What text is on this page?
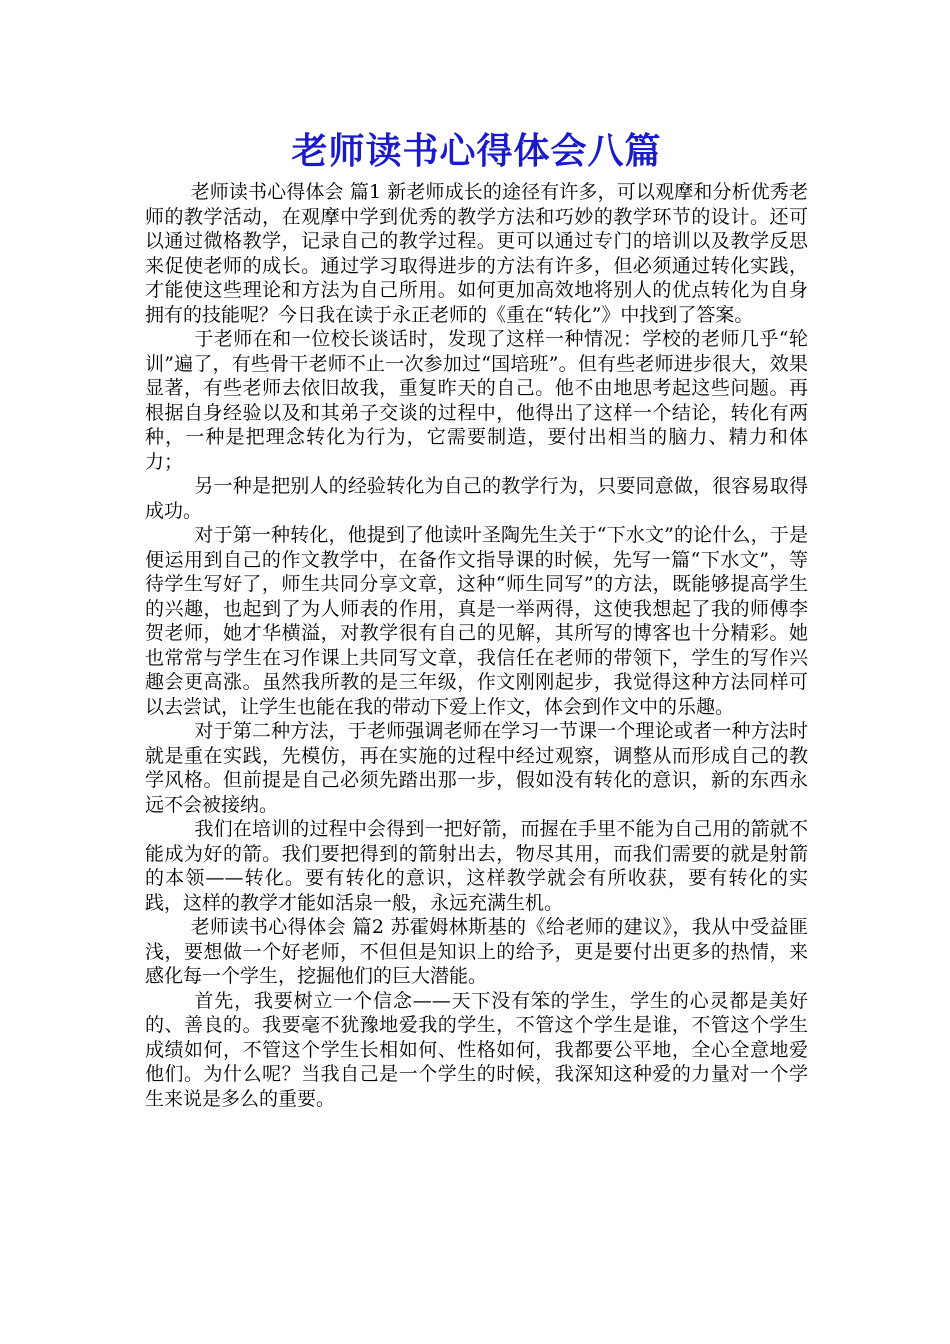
老师读书心得体会八篇

老师读书心得体会 篇1 新老师成长的途径有许多，可以观摩和分析优秀老师的教学活动，在观摩中学到优秀的教学方法和巧妙的教学环节的设计。还可以通过微格教学，记录自己的教学过程。更可以通过专门的培训以及教学反思来促使老师的成长。通过学习取得进步的方法有许多，但必须通过转化实践，才能使这些理论和方法为自己所用。如何更加高效地将别人的优点转化为自身拥有的技能呢？今日我在读于永正老师的《重在“转化”》中找到了答案。

于老师在和一位校长谈话时，发现了这样一种情况：学校的老师几乎“轮训”遍了，有些骨干老师不止一次参加过“国培班”。但有些老师进步很大，效果显著，有些老师去依旧故我，重复昨天的自己。他不由地思考起这些问题。再根据自身经验以及和其弟子交谈的过程中，他得出了这样一个结论，转化有两种，一种是把理念转化为行为，它需要制造，要付出相当的脑力、精力和体力；

另一种是把别人的经验转化为自己的教学行为，只要同意做，很容易取得成功。

对于第一种转化，他提到了他读叶圣陶先生关于“下水文”的论什么，于是便运用到自己的作文教学中，在备作文指导课的时候，先写一篇“下水文”，等待学生写好了，师生共同分享文章，这种“师生同写”的方法，既能够提高学生的兴趣，也起到了为人师表的作用，真是一举两得，这使我想起了我的师傅李贺老师，她才华横溢，对教学很有自己的见解，其所写的博客也十分精彩。她也常常与学生在习作课上共同写文章，我信任在老师的带领下，学生的写作兴趣会更高涨。虽然我所教的是三年级，作文刚刚起步，我觉得这种方法同样可以去尝试，让学生也能在我的带动下爱上作文，体会到作文中的乐趣。

对于第二种方法，于老师强调老师在学习一节课一个理论或者一种方法时就是重在实践，先模仿，再在实施的过程中经过观察，调整从而形成自己的教学风格。但前提是自己必须先踏出那一步，假如没有转化的意识，新的东西永远不会被接纳。

我们在培训的过程中会得到一把好箭，而握在手里不能为自己用的箭就不能成为好的箭。我们要把得到的箭射出去，物尽其用，而我们需要的就是射箭的本领——转化。要有转化的意识，这样教学就会有所收获，要有转化的实践，这样的教学才能如活泉一般，永远充满生机。

老师读书心得体会 篇2 苏霍姆林斯基的《给老师的建议》，我从中受益匪浅，要想做一个好老师，不但但是知识上的给予，更是要付出更多的热情，来感化每一个学生，挖掘他们的巨大潜能。

首先，我要树立一个信念——天下没有笨的学生，学生的心灵都是美好的、善良的。我要毫不犹豫地爱我的学生，不管这个学生是谁，不管这个学生成绩如何，不管这个学生长相如何、性格如何，我都要公平地，全心全意地爱他们。为什么呢？当我自己是一个学生的时候，我深知这种爱的力量对一个学生来说是多么的重要。
